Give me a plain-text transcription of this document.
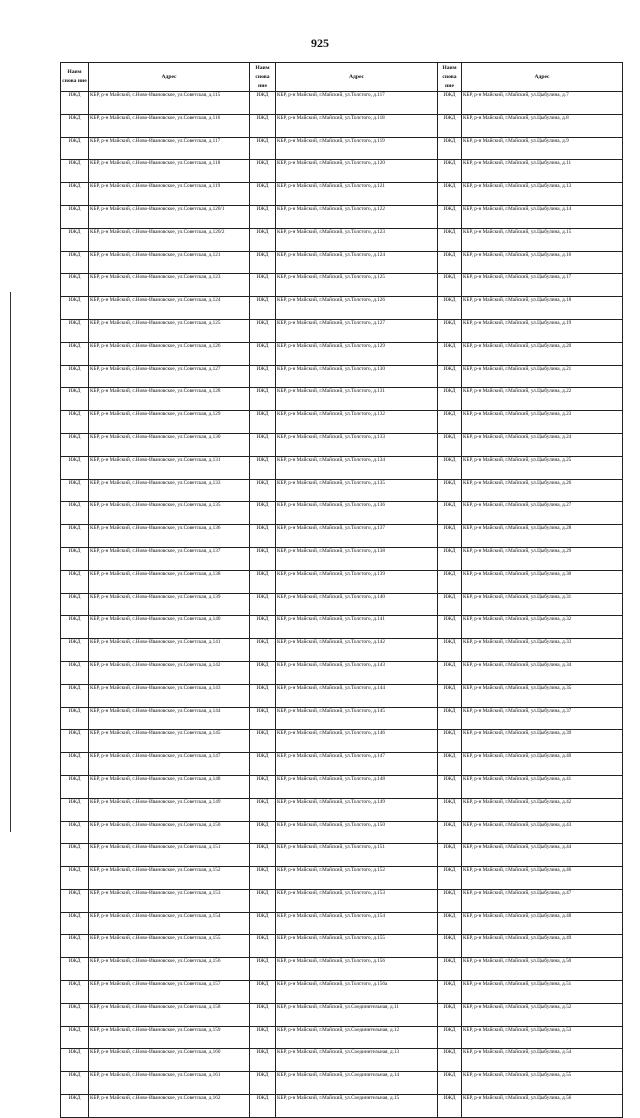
925
Наим снова ние	Адрес	Наим снова ние	Адрес	Наим снова ние	Адрес
ИЖД	КБР, р-н Майский, с.Ново-Ивановское, ул.Советская, д.115	ИЖД	КБР, р-н Майский, г.Майский, ул.Толстого, д.117	ИЖД	КБР, р-н Майский, г.Майский, ул.Цыбулина, д.7
ИЖД	КБР, р-н Майский, с.Ново-Ивановское, ул.Советская, д.116	ИЖД	КБР, р-н Майский, г.Майский, ул.Толстого, д.118	ИЖД	КБР, р-н Майский, г.Майский, ул.Цыбулина, д.8
ИЖД	КБР, р-н Майский, с.Ново-Ивановское, ул.Советская, д.117	ИЖД	КБР, р-н Майский, г.Майский, ул.Толстого, д.119	ИЖД	КБР, р-н Майский, г.Майский, ул.Цыбулина, д.9
ИЖД	КБР, р-н Майский, с.Ново-Ивановское, ул.Советская, д.118	ИЖД	КБР, р-н Майский, г.Майский, ул.Толстого, д.120	ИЖД	КБР, р-н Майский, г.Майский, ул.Цыбулина, д.11
ИЖД	КБР, р-н Майский, с.Ново-Ивановское, ул.Советская, д.119	ИЖД	КБР, р-н Майский, г.Майский, ул.Толстого, д.121	ИЖД	КБР, р-н Майский, г.Майский, ул.Цыбулина, д.13
ИЖД	КБР, р-н Майский, с.Ново-Ивановское, ул.Советская, д.120/1	ИЖД	КБР, р-н Майский, г.Майский, ул.Толстого, д.122	ИЖД	КБР, р-н Майский, г.Майский, ул.Цыбулина, д.14
ИЖД	КБР, р-н Майский, с.Ново-Ивановское, ул.Советская, д.120/2	ИЖД	КБР, р-н Майский, г.Майский, ул.Толстого, д.123	ИЖД	КБР, р-н Майский, г.Майский, ул.Цыбулина, д.15
ИЖД	КБР, р-н Майский, с.Ново-Ивановское, ул.Советская, д.121	ИЖД	КБР, р-н Майский, г.Майский, ул.Толстого, д.124	ИЖД	КБР, р-н Майский, г.Майский, ул.Цыбулина, д.16
ИЖД	КБР, р-н Майский, с.Ново-Ивановское, ул.Советская, д.123	ИЖД	КБР, р-н Майский, г.Майский, ул.Толстого, д.125	ИЖД	КБР, р-н Майский, г.Майский, ул.Цыбулина, д.17
ИЖД	КБР, р-н Майский, с.Ново-Ивановское, ул.Советская, д.124	ИЖД	КБР, р-н Майский, г.Майский, ул.Толстого, д.126	ИЖД	КБР, р-н Майский, г.Майский, ул.Цыбулина, д.18
ИЖД	КБР, р-н Майский, с.Ново-Ивановское, ул.Советская, д.125	ИЖД	КБР, р-н Майский, г.Майский, ул.Толстого, д.127	ИЖД	КБР, р-н Майский, г.Майский, ул.Цыбулина, д.19
ИЖД	КБР, р-н Майский, с.Ново-Ивановское, ул.Советская, д.126	ИЖД	КБР, р-н Майский, г.Майский, ул.Толстого, д.129	ИЖД	КБР, р-н Майский, г.Майский, ул.Цыбулина, д.20
ИЖД	КБР, р-н Майский, с.Ново-Ивановское, ул.Советская, д.127	ИЖД	КБР, р-н Майский, г.Майский, ул.Толстого, д.130	ИЖД	КБР, р-н Майский, г.Майский, ул.Цыбулина, д.21
ИЖД	КБР, р-н Майский, с.Ново-Ивановское, ул.Советская, д.128	ИЖД	КБР, р-н Майский, г.Майский, ул.Толстого, д.131	ИЖД	КБР, р-н Майский, г.Майский, ул.Цыбулина, д.22
ИЖД	КБР, р-н Майский, с.Ново-Ивановское, ул.Советская, д.129	ИЖД	КБР, р-н Майский, г.Майский, ул.Толстого, д.132	ИЖД	КБР, р-н Майский, г.Майский, ул.Цыбулина, д.23
ИЖД	КБР, р-н Майский, с.Ново-Ивановское, ул.Советская, д.130	ИЖД	КБР, р-н Майский, г.Майский, ул.Толстого, д.133	ИЖД	КБР, р-н Майский, г.Майский, ул.Цыбулина, д.24
ИЖД	КБР, р-н Майский, с.Ново-Ивановское, ул.Советская, д.131	ИЖД	КБР, р-н Майский, г.Майский, ул.Толстого, д.134	ИЖД	КБР, р-н Майский, г.Майский, ул.Цыбулина, д.25
ИЖД	КБР, р-н Майский, с.Ново-Ивановское, ул.Советская, д.133	ИЖД	КБР, р-н Майский, г.Майский, ул.Толстого, д.135	ИЖД	КБР, р-н Майский, г.Майский, ул.Цыбулина, д.26
ИЖД	КБР, р-н Майский, с.Ново-Ивановское, ул.Советская, д.135	ИЖД	КБР, р-н Майский, г.Майский, ул.Толстого, д.136	ИЖД	КБР, р-н Майский, г.Майский, ул.Цыбулина, д.27
ИЖД	КБР, р-н Майский, с.Ново-Ивановское, ул.Советская, д.136	ИЖД	КБР, р-н Майский, г.Майский, ул.Толстого, д.137	ИЖД	КБР, р-н Майский, г.Майский, ул.Цыбулина, д.28
ИЖД	КБР, р-н Майский, с.Ново-Ивановское, ул.Советская, д.137	ИЖД	КБР, р-н Майский, г.Майский, ул.Толстого, д.138	ИЖД	КБР, р-н Майский, г.Майский, ул.Цыбулина, д.29
ИЖД	КБР, р-н Майский, с.Ново-Ивановское, ул.Советская, д.138	ИЖД	КБР, р-н Майский, г.Майский, ул.Толстого, д.139	ИЖД	КБР, р-н Майский, г.Майский, ул.Цыбулина, д.30
ИЖД	КБР, р-н Майский, с.Ново-Ивановское, ул.Советская, д.139	ИЖД	КБР, р-н Майский, г.Майский, ул.Толстого, д.140	ИЖД	КБР, р-н Майский, г.Майский, ул.Цыбулина, д.31
ИЖД	КБР, р-н Майский, с.Ново-Ивановское, ул.Советская, д.140	ИЖД	КБР, р-н Майский, г.Майский, ул.Толстого, д.141	ИЖД	КБР, р-н Майский, г.Майский, ул.Цыбулина, д.32
ИЖД	КБР, р-н Майский, с.Ново-Ивановское, ул.Советская, д.141	ИЖД	КБР, р-н Майский, г.Майский, ул.Толстого, д.142	ИЖД	КБР, р-н Майский, г.Майский, ул.Цыбулина, д.33
ИЖД	КБР, р-н Майский, с.Ново-Ивановское, ул.Советская, д.142	ИЖД	КБР, р-н Майский, г.Майский, ул.Толстого, д.143	ИЖД	КБР, р-н Майский, г.Майский, ул.Цыбулина, д.34
ИЖД	КБР, р-н Майский, с.Ново-Ивановское, ул.Советская, д.143	ИЖД	КБР, р-н Майский, г.Майский, ул.Толстого, д.144	ИЖД	КБР, р-н Майский, г.Майский, ул.Цыбулина, д.35
ИЖД	КБР, р-н Майский, с.Ново-Ивановское, ул.Советская, д.144	ИЖД	КБР, р-н Майский, г.Майский, ул.Толстого, д.145	ИЖД	КБР, р-н Майский, г.Майский, ул.Цыбулина, д.37
ИЖД	КБР, р-н Майский, с.Ново-Ивановское, ул.Советская, д.145	ИЖД	КБР, р-н Майский, г.Майский, ул.Толстого, д.146	ИЖД	КБР, р-н Майский, г.Майский, ул.Цыбулина, д.39
ИЖД	КБР, р-н Майский, с.Ново-Ивановское, ул.Советская, д.147	ИЖД	КБР, р-н Майский, г.Майский, ул.Толстого, д.147	ИЖД	КБР, р-н Майский, г.Майский, ул.Цыбулина, д.40
ИЖД	КБР, р-н Майский, с.Ново-Ивановское, ул.Советская, д.148	ИЖД	КБР, р-н Майский, г.Майский, ул.Толстого, д.148	ИЖД	КБР, р-н Майский, г.Майский, ул.Цыбулина, д.41
ИЖД	КБР, р-н Майский, с.Ново-Ивановское, ул.Советская, д.149	ИЖД	КБР, р-н Майский, г.Майский, ул.Толстого, д.149	ИЖД	КБР, р-н Майский, г.Майский, ул.Цыбулина, д.42
ИЖД	КБР, р-н Майский, с.Ново-Ивановское, ул.Советская, д.150	ИЖД	КБР, р-н Майский, г.Майский, ул.Толстого, д.150	ИЖД	КБР, р-н Майский, г.Майский, ул.Цыбулина, д.43
ИЖД	КБР, р-н Майский, с.Ново-Ивановское, ул.Советская, д.151	ИЖД	КБР, р-н Майский, г.Майский, ул.Толстого, д.151	ИЖД	КБР, р-н Майский, г.Майский, ул.Цыбулина, д.44
ИЖД	КБР, р-н Майский, с.Ново-Ивановское, ул.Советская, д.152	ИЖД	КБР, р-н Майский, г.Майский, ул.Толстого, д.152	ИЖД	КБР, р-н Майский, г.Майский, ул.Цыбулина, д.46
ИЖД	КБР, р-н Майский, с.Ново-Ивановское, ул.Советская, д.153	ИЖД	КБР, р-н Майский, г.Майский, ул.Толстого, д.153	ИЖД	КБР, р-н Майский, г.Майский, ул.Цыбулина, д.47
ИЖД	КБР, р-н Майский, с.Ново-Ивановское, ул.Советская, д.154	ИЖД	КБР, р-н Майский, г.Майский, ул.Толстого, д.154	ИЖД	КБР, р-н Майский, г.Майский, ул.Цыбулина, д.48
ИЖД	КБР, р-н Майский, с.Ново-Ивановское, ул.Советская, д.155	ИЖД	КБР, р-н Майский, г.Майский, ул.Толстого, д.155	ИЖД	КБР, р-н Майский, г.Майский, ул.Цыбулина, д.49
ИЖД	КБР, р-н Майский, с.Ново-Ивановское, ул.Советская, д.156	ИЖД	КБР, р-н Майский, г.Майский, ул.Толстого, д.156	ИЖД	КБР, р-н Майский, г.Майский, ул.Цыбулина, д.50
ИЖД	КБР, р-н Майский, с.Ново-Ивановское, ул.Советская, д.157	ИЖД	КБР, р-н Майский, г.Майский, ул.Толстого, д.156а	ИЖД	КБР, р-н Майский, г.Майский, ул.Цыбулина, д.51
ИЖД	КБР, р-н Майский, с.Ново-Ивановское, ул.Советская, д.158	ИЖД	КБР, р-н Майский, г.Майский, ул.Соединительная, д.11	ИЖД	КБР, р-н Майский, г.Майский, ул.Цыбулина, д.52
ИЖД	КБР, р-н Майский, с.Ново-Ивановское, ул.Советская, д.159	ИЖД	КБР, р-н Майский, г.Майский, ул.Соединительная, д.12	ИЖД	КБР, р-н Майский, г.Майский, ул.Цыбулина, д.53
ИЖД	КБР, р-н Майский, с.Ново-Ивановское, ул.Советская, д.160	ИЖД	КБР, р-н Майский, г.Майский, ул.Соединительная, д.13	ИЖД	КБР, р-н Майский, г.Майский, ул.Цыбулина, д.54
ИЖД	КБР, р-н Майский, с.Ново-Ивановское, ул.Советская, д.161	ИЖД	КБР, р-н Майский, г.Майский, ул.Соединительная, д.14	ИЖД	КБР, р-н Майский, г.Майский, ул.Цыбулина, д.55
ИЖД	КБР, р-н Майский, с.Ново-Ивановское, ул.Советская, д.162	ИЖД	КБР, р-н Майский, г.Майский, ул.Соединительная, д.15	ИЖД	КБР, р-н Майский, г.Майский, ул.Цыбулина, д.56
